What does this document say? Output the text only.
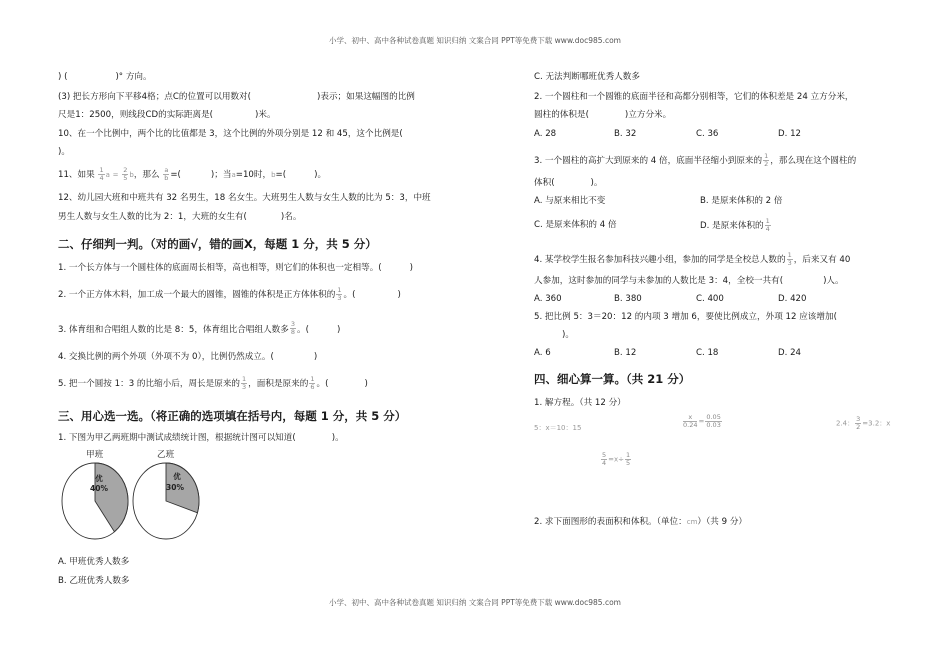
小学、初中、高中各种试卷真题 知识归纳 文案合同 PPT等免费下载 www.doc985.com
) (	)° 方向。
(3) 把长方形向下平移4格；点C的位置可以用数对(	)表示；如果这幅图的比例
尺是1：2500，则线段CD的实际距离是(	)米。
10、在一个比例中，两个比的比值都是 3，这个比例的外项分别是 12 和 45，这个比例是(
)。
11、如果 $\frac{1}{4}$ $a = \frac{2}{5}$ b，那么 $\frac{a}{b}$ =(	)；当a=10时，b=(	)。
12、幼儿园大班和中班共有 32 名男生，18 名女生。大班男生人数与女生人数的比为 5：3，中班
男生人数与女生人数的比为 2：1，大班的女生有(	)名。
二、仔细判一判。（对的画√，错的画X，每题 1 分，共 5 分）
1. 一个长方体与一个圆柱体的底面周长相等，高也相等，则它们的体积也一定相等。(	)
2. 一个正方体木料，加工成一个最大的圆锥，圆锥的体积是正方体体积的 $\frac{1}{3}$ 。(	)
3. 体育组和合唱组人数的比是 8：5，体育组比合唱组人数多 $\frac{3}{8}$ 。(	)
4. 交换比例的两个外项（外项不为 0），比例仍然成立。(	)
5. 把一个圆按 1：3 的比缩小后，周长是原来的 $\frac{1}{3}$ ，面积是原来的 $\frac{1}{6}$ 。(	)
三、用心选一选。（将正确的选项填在括号内，每题 1 分，共 5 分）
1. 下图为甲乙两班期中测试成绩统计图，根据统计图可以知道(	)。
甲班	乙班
优
40%
优
30%
A. 甲班优秀人数多
B. 乙班优秀人数多
C. 无法判断哪班优秀人数多
2. 一个圆柱和一个圆锥的底面半径和高都分别相等，它们的体积差是 24 立方分米，
圆柱的体积是(	)立方分米。
A. 28	B. 32	C. 36	D. 12
3. 一个圆柱的高扩大到原来的 4 倍，底面半径缩小到原来的 $\frac{1}{2}$ ，那么现在这个圆柱的
体积(	)。
A. 与原来相比不变	B. 是原来体积的 2 倍
C. 是原来体积的 4 倍	D. 是原来体积的 $\frac{1}{4}$
4. 某学校学生报名参加科技兴趣小组，参加的同学是全校总人数的 $\frac{1}{3}$ ，后来又有 40
人参加，这时参加的同学与未参加的人数比是 3：4，全校一共有(	)人。
A. 360	B. 380	C. 400	D. 420
5. 把比例 5：3＝20：12 的内项 3 增加 6，要使比例成立，外项 12 应该增加(
)。
A. 6	B. 12	C. 18	D. 24
四、细心算一算。（共 21 分）
1. 解方程。（共 12 分）
5：x＝10：15	$\frac{x}{0.24} = \frac{0.05}{0.03}$	2.4： $\frac{3}{2} =3.2$：x
$\frac{5}{4} =x\div \frac{1}{5}$
2. 求下面图形的表面积和体积。（单位：cm）（共 9 分）
小学、初中、高中各种试卷真题 知识归纳 文案合同 PPT等免费下载 www.doc985.com
